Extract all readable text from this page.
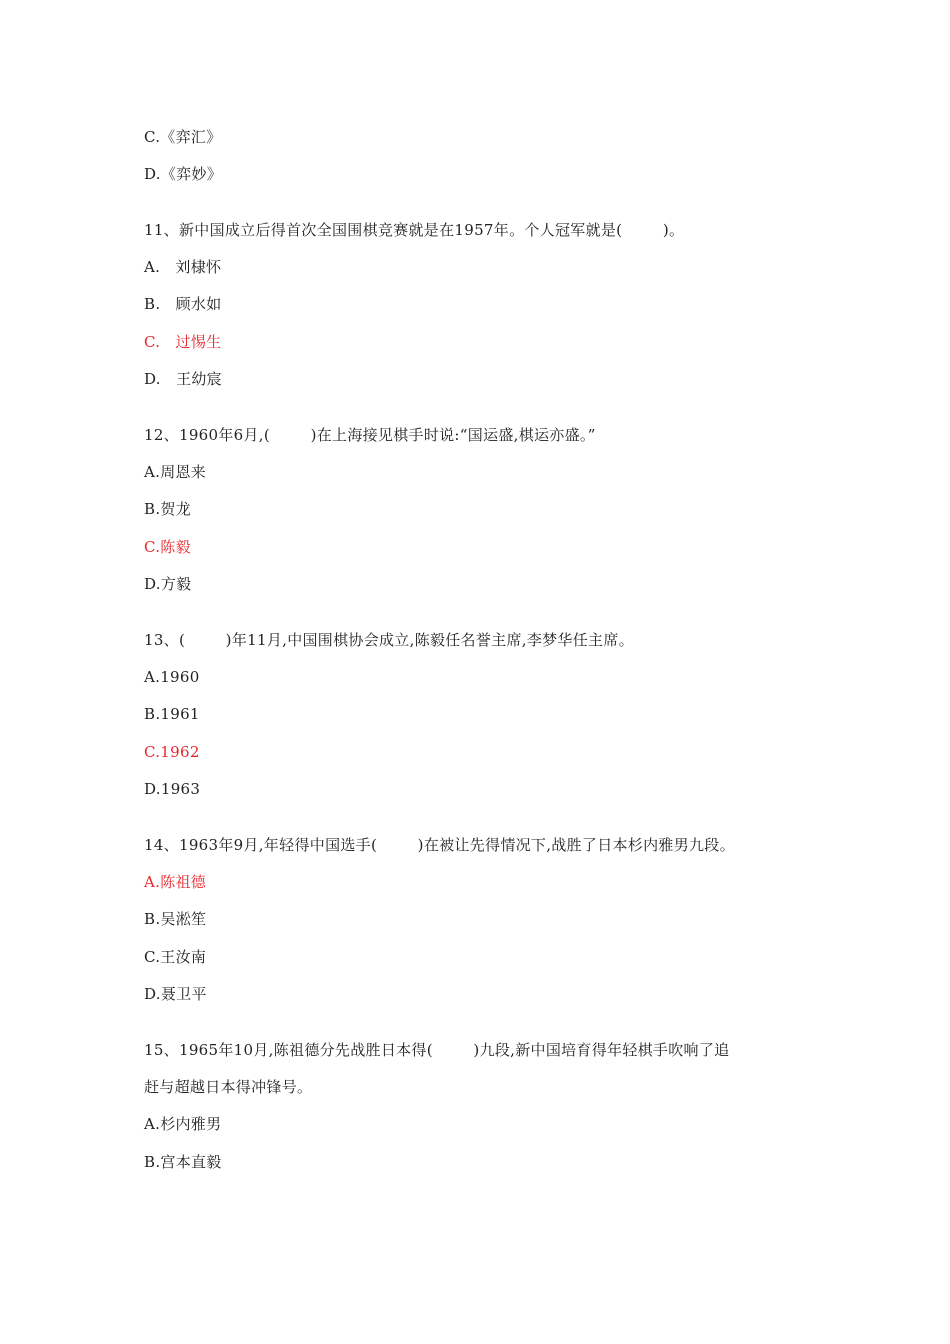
C.《弈汇》
D.《弈妙》
11、新中国成立后得首次全国围棋竞赛就是在1957年。个人冠军就是(        )。
A.   刘棣怀
B.   顾水如
C.   过惕生
D.   王幼宸
12、1960年6月,(        )在上海接见棋手时说:“国运盛,棋运亦盛。”
A.周恩来
B.贺龙
C.陈毅
D.方毅
13、(        )年11月,中国围棋协会成立,陈毅任名誉主席,李梦华任主席。
A.1960
B.1961
C.1962
D.1963
14、1963年9月,年轻得中国选手(        )在被让先得情况下,战胜了日本杉内雅男九段。
A.陈祖德
B.吴淞笙
C.王汝南
D.聂卫平
15、1965年10月,陈祖德分先战胜日本得(        )九段,新中国培育得年轻棋手吹响了追
赶与超越日本得冲锋号。
A.杉内雅男
B.宫本直毅
